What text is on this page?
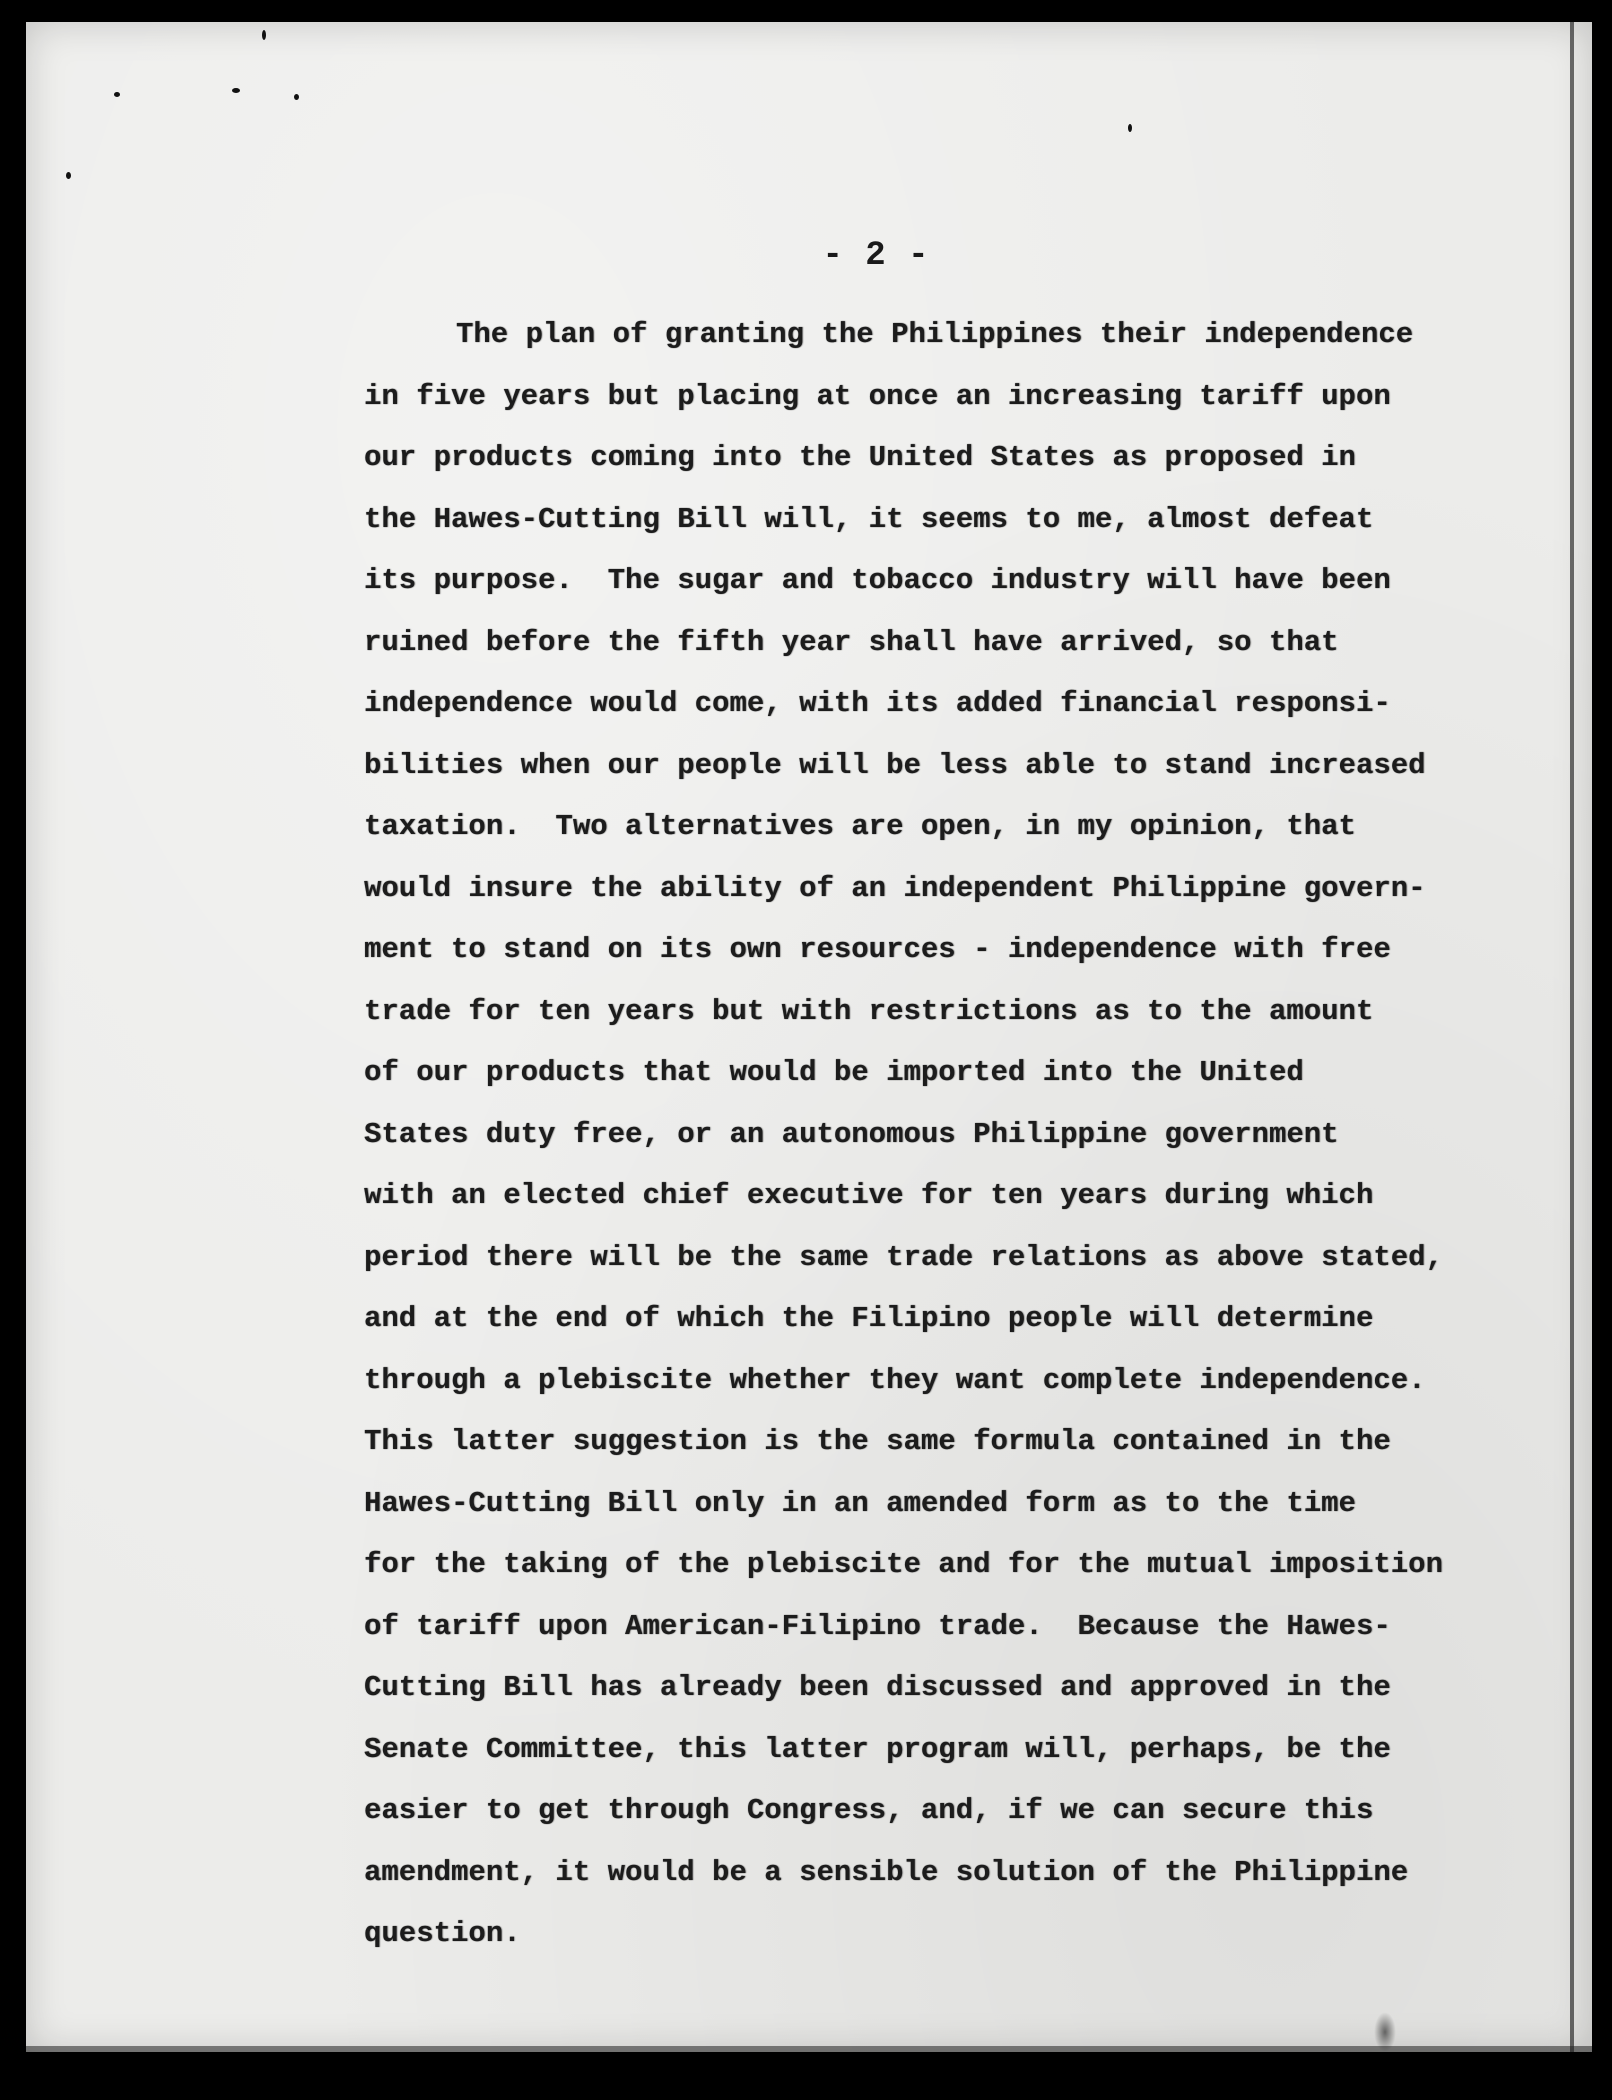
- 2 -
The plan of granting the Philippines their independence
in five years but placing at once an increasing tariff upon
our products coming into the United States as proposed in
the Hawes-Cutting Bill will, it seems to me, almost defeat
its purpose.  The sugar and tobacco industry will have been
ruined before the fifth year shall have arrived, so that
independence would come, with its added financial responsi-
bilities when our people will be less able to stand increased
taxation.  Two alternatives are open, in my opinion, that
would insure the ability of an independent Philippine govern-
ment to stand on its own resources - independence with free
trade for ten years but with restrictions as to the amount
of our products that would be imported into the United
States duty free, or an autonomous Philippine government
with an elected chief executive for ten years during which
period there will be the same trade relations as above stated,
and at the end of which the Filipino people will determine
through a plebiscite whether they want complete independence.
This latter suggestion is the same formula contained in the
Hawes-Cutting Bill only in an amended form as to the time
for the taking of the plebiscite and for the mutual imposition
of tariff upon American-Filipino trade.  Because the Hawes-
Cutting Bill has already been discussed and approved in the
Senate Committee, this latter program will, perhaps, be the
easier to get through Congress, and, if we can secure this
amendment, it would be a sensible solution of the Philippine
question.
